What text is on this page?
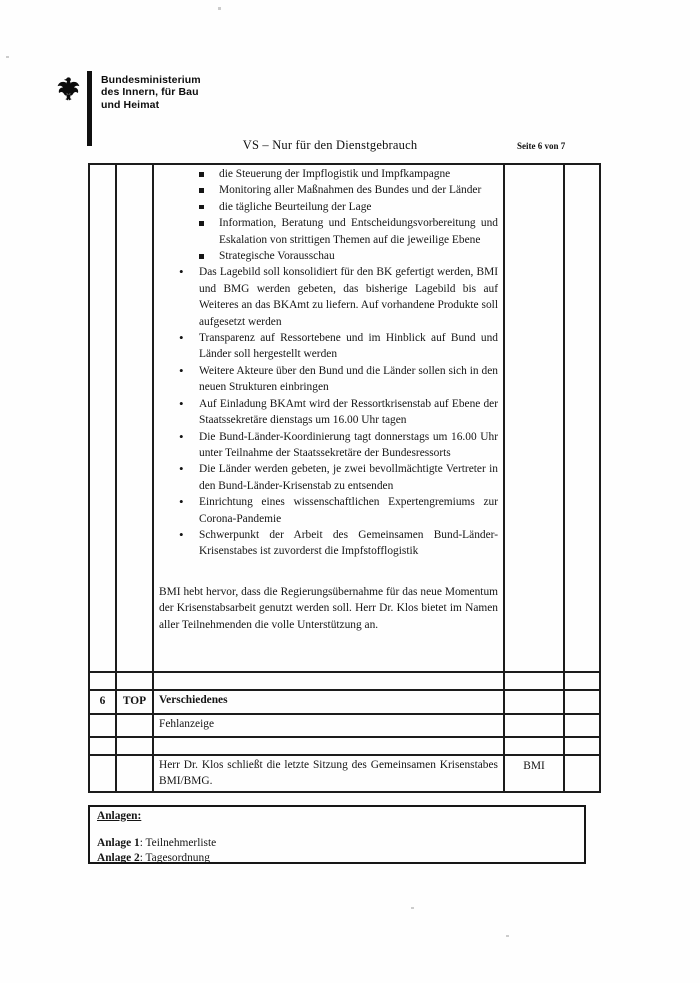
Bundesministerium
des Innern, für Bau
und Heimat
VS – Nur für den Dienstgebrauch	Seite 6 von 7

die Steuerung der Impflogistik und Impfkampagne
Monitoring aller Maßnahmen des Bundes und der Länder
die tägliche Beurteilung der Lage
Information, Beratung und Entscheidungsvorbereitung und Eskalation von strittigen Themen auf die jeweilige Ebene
Strategische Vorausschau
• Das Lagebild soll konsolidiert für den BK gefertigt werden, BMI und BMG werden gebeten, das bisherige Lagebild bis auf Weiteres an das BKAmt zu liefern. Auf vorhandene Produkte soll aufgesetzt werden
• Transparenz auf Ressortebene und im Hinblick auf Bund und Länder soll hergestellt werden
• Weitere Akteure über den Bund und die Länder sollen sich in den neuen Strukturen einbringen
• Auf Einladung BKAmt wird der Ressortkrisenstab auf Ebene der Staatssekretäre dienstags um 16.00 Uhr tagen
• Die Bund-Länder-Koordinierung tagt donnerstags um 16.00 Uhr unter Teilnahme der Staatssekretäre der Bundesressorts
• Die Länder werden gebeten, je zwei bevollmächtigte Vertreter in den Bund-Länder-Krisenstab zu entsenden
• Einrichtung eines wissenschaftlichen Expertengremiums zur Corona-Pandemie
• Schwerpunkt der Arbeit des Gemeinsamen Bund-Länder-Krisenstabes ist zuvorderst die Impfstofflogistik

BMI hebt hervor, dass die Regierungsübernahme für das neue Momentum der Krisenstabsarbeit genutzt werden soll. Herr Dr. Klos bietet im Namen aller Teilnehmenden die volle Unterstützung an.

6	TOP	Verschiedenes		
		Fehlanzeige		

		Herr Dr. Klos schließt die letzte Sitzung des Gemeinsamen Krisenstabes BMI/BMG.	BMI	
Anlagen:
Anlage 1: Teilnehmerliste
Anlage 2: Tagesordnung
